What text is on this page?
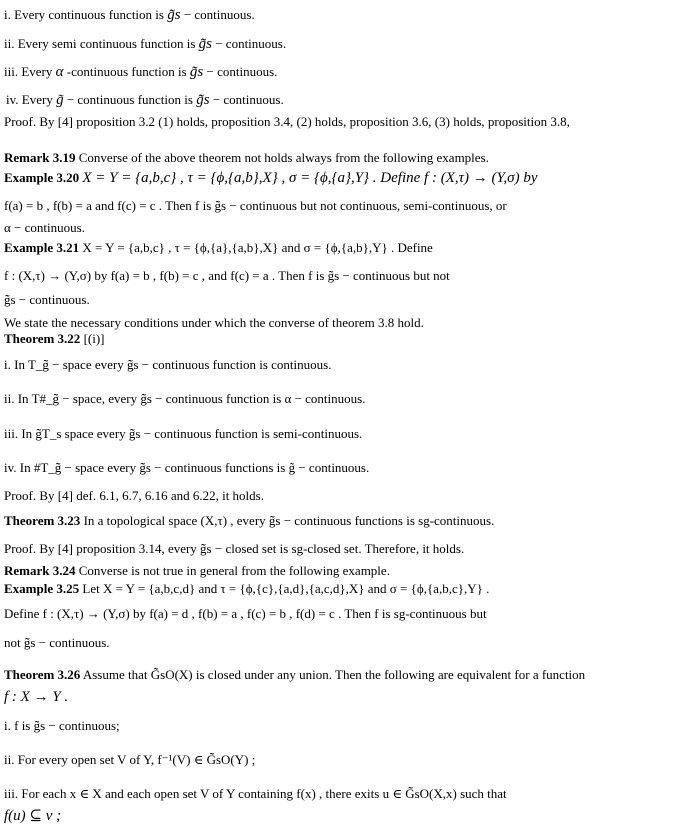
i. Every continuous function is g̃̃s − continuous.
ii. Every semi continuous function is g̃̃s − continuous.
iii. Every α -continuous function is g̃̃s − continuous.
iv. Every g̃ − continuous function is g̃̃s − continuous.
Proof. By [4] proposition 3.2 (1) holds, proposition 3.4, (2) holds, proposition 3.6, (3) holds, proposition 3.8,
Remark 3.19 Converse of the above theorem not holds always from the following examples.
Example 3.20 X = Y = {a,b,c} , τ = {ϕ,{a,b},X} , σ = {ϕ,{a},Y} . Define f : (X,τ) → (Y,σ) by
f(a) = b , f(b) = a and f(c) = c . Then f is g̃̃s − continuous but not continuous, semi-continuous, or
α − continuous.
Example 3.21 X = Y = {a,b,c} , τ = {ϕ,{a},{a,b},X} and σ = {ϕ,{a,b},Y} . Define
f : (X,τ) → (Y,σ) by f(a) = b , f(b) = c , and f(c) = a . Then f is g̃̃s − continuous but not
g̃̃s − continuous.
We state the necessary conditions under which the converse of theorem 3.8 hold.
Theorem 3.22 [(i)]
i. In T_g̃̃ − space every g̃̃s − continuous function is continuous.
ii. In T#_g̃̃ − space, every g̃̃s − continuous function is α − continuous.
iii. In g̃̃T_s space every g̃̃s − continuous function is semi-continuous.
iv. In #T_g̃̃ − space every g̃̃s − continuous functions is g̃ − continuous.
Proof. By [4] def. 6.1, 6.7, 6.16 and 6.22, it holds.
Theorem 3.23 In a topological space (X,τ) , every g̃̃s − continuous functions is sg-continuous.
Proof. By [4] proposition 3.14, every g̃̃s − closed set is sg-closed set. Therefore, it holds.
Remark 3.24 Converse is not true in general from the following example.
Example 3.25 Let X = Y = {a,b,c,d} and τ = {ϕ,{c},{a,d},{a,c,d},X} and σ = {ϕ,{a,b,c},Y} .
Define f : (X,τ) → (Y,σ) by f(a) = d , f(b) = a , f(c) = b , f(d) = c . Then f is sg-continuous but
not g̃̃s − continuous.
Theorem 3.26 Assume that G̃̃sO(X) is closed under any union. Then the following are equivalent for a function
f : X → Y .
i. f is g̃̃s − continuous;
ii. For every open set V of Y, f⁻¹(V) ∈ G̃̃sO(Y) ;
iii. For each x ∈ X and each open set V of Y containing f(x) , there exits u ∈ G̃̃sO(X,x) such that
f(u) ⊆ v ;
